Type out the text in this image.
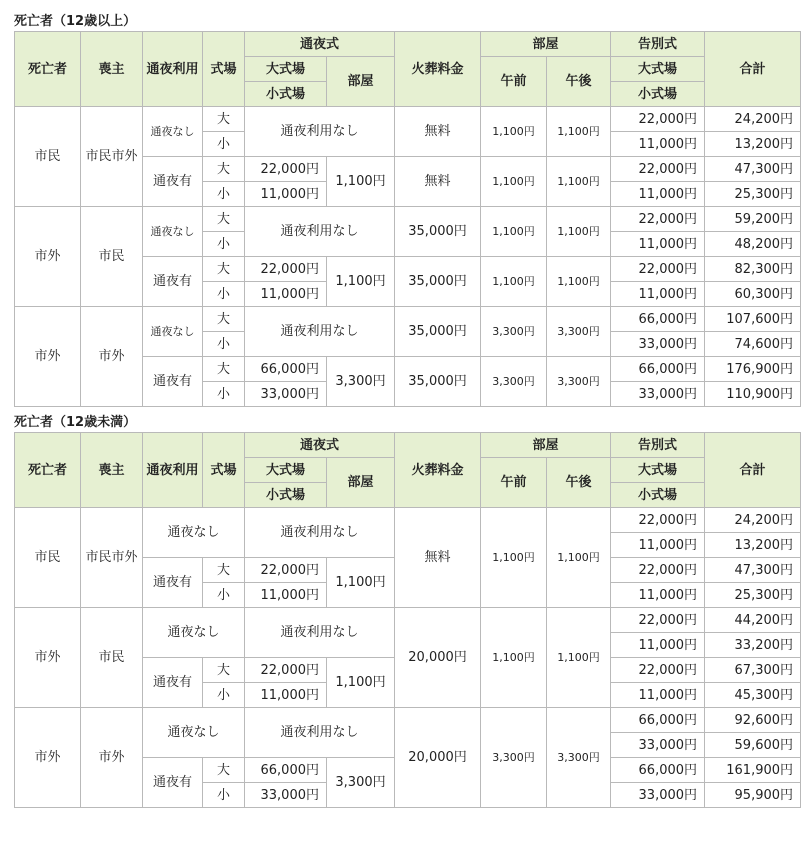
死亡者（12歳以上）
死亡者	喪主	通夜利用	式場	通夜式		火葬料金	部屋		告別式	合計
				大式場	部屋		午前	午後	大式場	
				小式場					小式場	
市民	市民市外	通夜なし	大	通夜利用なし		無料	1,100円	1,100円	22,000円	24,200円
			小						11,000円	13,200円
		通夜有	大	22,000円	1,100円	無料	1,100円	1,100円	22,000円	47,300円
			小	11,000円					11,000円	25,300円
市外	市民	通夜なし	大	通夜利用なし		35,000円	1,100円	1,100円	22,000円	59,200円
			小						11,000円	48,200円
		通夜有	大	22,000円	1,100円	35,000円	1,100円	1,100円	22,000円	82,300円
			小	11,000円					11,000円	60,300円
市外	市外	通夜なし	大	通夜利用なし		35,000円	3,300円	3,300円	66,000円	107,600円
			小						33,000円	74,600円
		通夜有	大	66,000円	3,300円	35,000円	3,300円	3,300円	66,000円	176,900円
			小	33,000円					33,000円	110,900円
死亡者（12歳未満）
死亡者	喪主	通夜利用	式場	通夜式		火葬料金	部屋		告別式	合計
				大式場	部屋		午前	午後	大式場	
				小式場					小式場	
市民	市民市外	通夜なし		通夜利用なし		無料	1,100円	1,100円	22,000円	24,200円
									11,000円	13,200円
		通夜有	大	22,000円	1,100円				22,000円	47,300円
			小	11,000円					11,000円	25,300円
市外	市民	通夜なし		通夜利用なし		20,000円	1,100円	1,100円	22,000円	44,200円
									11,000円	33,200円
		通夜有	大	22,000円	1,100円				22,000円	67,300円
			小	11,000円					11,000円	45,300円
市外	市外	通夜なし		通夜利用なし		20,000円	3,300円	3,300円	66,000円	92,600円
									33,000円	59,600円
		通夜有	大	66,000円	3,300円				66,000円	161,900円
			小	33,000円					33,000円	95,900円
